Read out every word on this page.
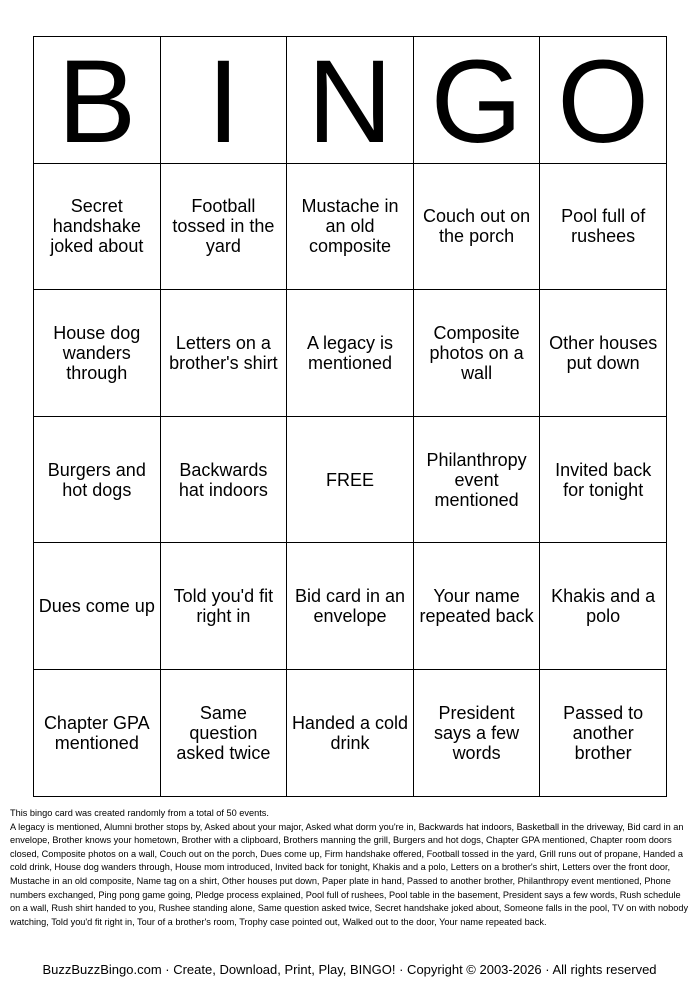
B	I	N	G	O
Secret handshake joked about	Football tossed in the yard	Mustache in an old composite	Couch out on the porch	Pool full of rushees
House dog wanders through	Letters on a brother's shirt	A legacy is mentioned	Composite photos on a wall	Other houses put down
Burgers and hot dogs	Backwards hat indoors	FREE	Philanthropy event mentioned	Invited back for tonight
Dues come up	Told you'd fit right in	Bid card in an envelope	Your name repeated back	Khakis and a polo
Chapter GPA mentioned	Same question asked twice	Handed a cold drink	President says a few words	Passed to another brother
This bingo card was created randomly from a total of 50 events.
A legacy is mentioned, Alumni brother stops by, Asked about your major, Asked what dorm you're in, Backwards hat indoors, Basketball in the driveway, Bid card in an envelope, Brother knows your hometown, Brother with a clipboard, Brothers manning the grill, Burgers and hot dogs, Chapter GPA mentioned, Chapter room doors closed, Composite photos on a wall, Couch out on the porch, Dues come up, Firm handshake offered, Football tossed in the yard, Grill runs out of propane, Handed a cold drink, House dog wanders through, House mom introduced, Invited back for tonight, Khakis and a polo, Letters on a brother's shirt, Letters over the front door, Mustache in an old composite, Name tag on a shirt, Other houses put down, Paper plate in hand, Passed to another brother, Philanthropy event mentioned, Phone numbers exchanged, Ping pong game going, Pledge process explained, Pool full of rushees, Pool table in the basement, President says a few words, Rush schedule on a wall, Rush shirt handed to you, Rushee standing alone, Same question asked twice, Secret handshake joked about, Someone falls in the pool, TV on with nobody watching, Told you'd fit right in, Tour of a brother's room, Trophy case pointed out, Walked out to the door, Your name repeated back.
BuzzBuzzBingo.com · Create, Download, Print, Play, BINGO! · Copyright © 2003-2026 · All rights reserved
